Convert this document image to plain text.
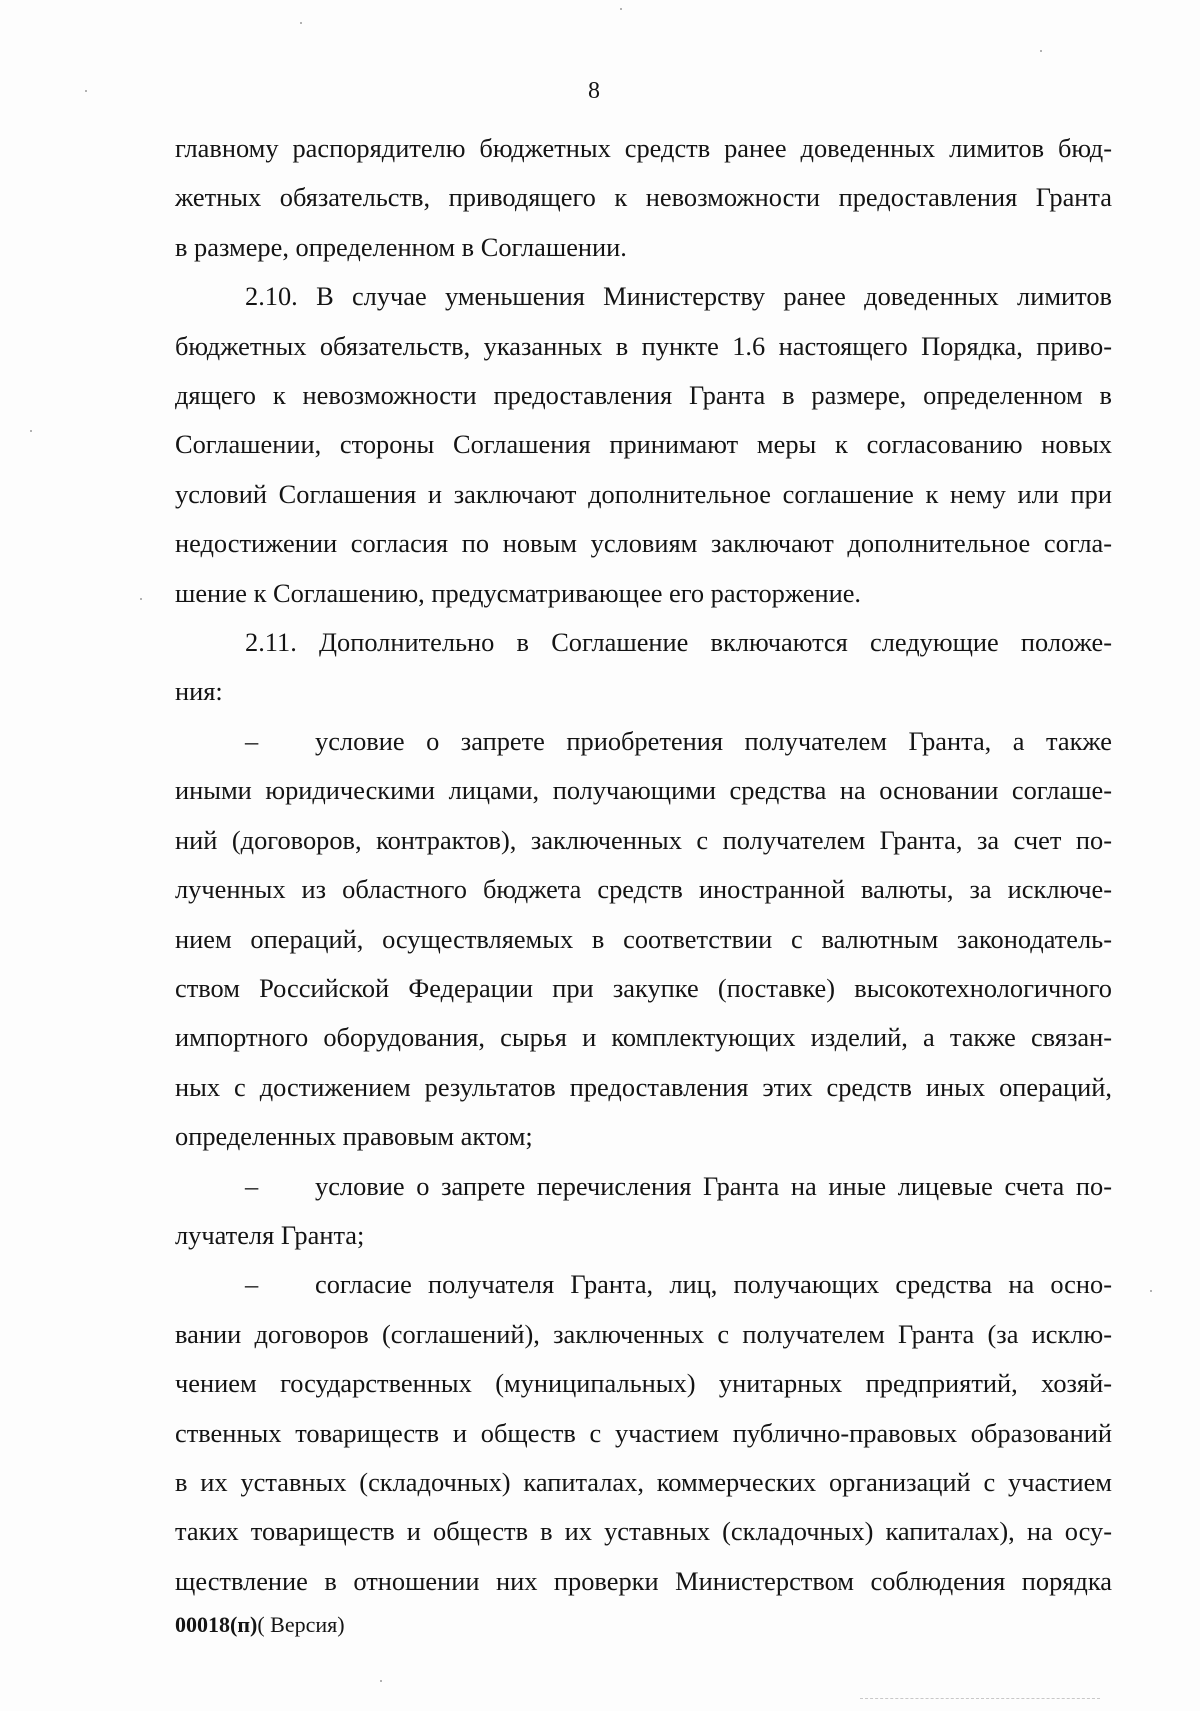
8

главному распорядителю бюджетных средств ранее доведенных лимитов бюд-

жетных обязательств, приводящего к невозможности предоставления Гранта

в размере, определенном в Соглашении.

2.10. В случае уменьшения Министерству ранее доведенных лимитов

бюджетных обязательств, указанных в пункте 1.6 настоящего Порядка, приво-

дящего к невозможности предоставления Гранта в размере, определенном в

Соглашении, стороны Соглашения принимают меры к согласованию новых

условий Соглашения и заключают дополнительное соглашение к нему или при

недостижении согласия по новым условиям заключают дополнительное согла-

шение к Соглашению, предусматривающее его расторжение.

2.11. Дополнительно в Соглашение включаются следующие положе-

ния:

–	условие о запрете приобретения получателем Гранта, а также

иными юридическими лицами, получающими средства на основании соглаше-

ний (договоров, контрактов), заключенных с получателем Гранта, за счет по-

лученных из областного бюджета средств иностранной валюты, за исключе-

нием операций, осуществляемых в соответствии с валютным законодатель-

ством Российской Федерации при закупке (поставке) высокотехнологичного

импортного оборудования, сырья и комплектующих изделий, а также связан-

ных с достижением результатов предоставления этих средств иных операций,

определенных правовым актом;

–	условие о запрете перечисления Гранта на иные лицевые счета по-

лучателя Гранта;

–	согласие получателя Гранта, лиц, получающих средства на осно-

вании договоров (соглашений), заключенных с получателем Гранта (за исклю-

чением государственных (муниципальных) унитарных предприятий, хозяй-

ственных товариществ и обществ с участием публично-правовых образований

в их уставных (складочных) капиталах, коммерческих организаций с участием

таких товариществ и обществ в их уставных (складочных) капиталах), на осу-

ществление в отношении них проверки Министерством соблюдения порядка

00018(п)( Версия)
